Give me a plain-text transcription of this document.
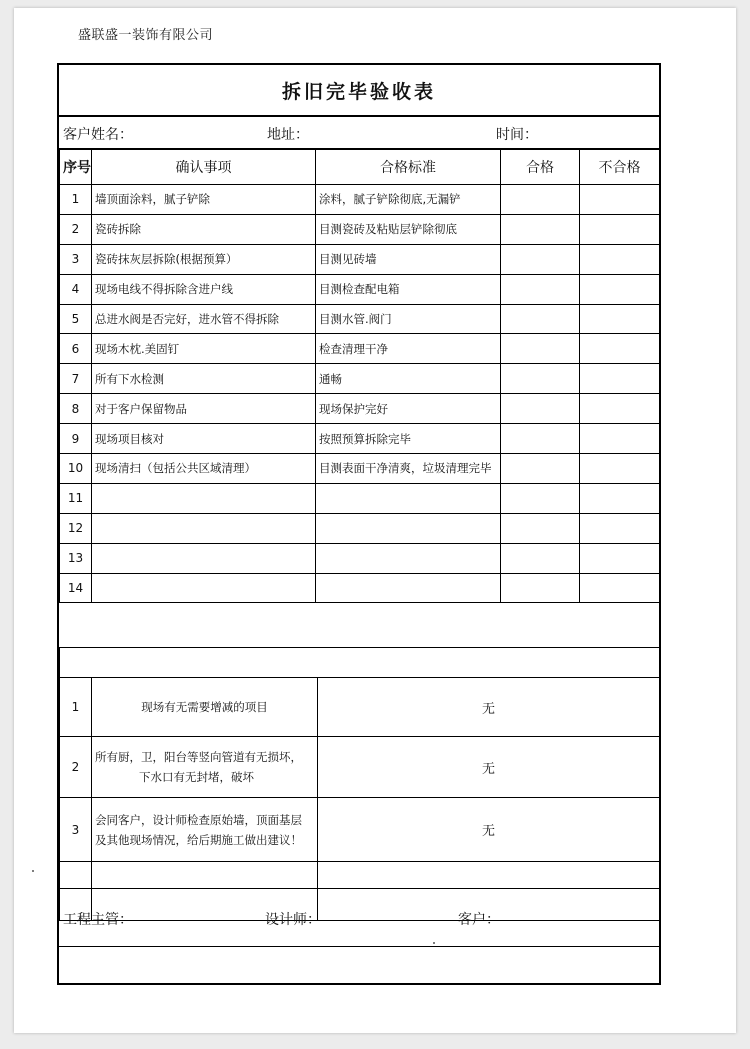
盛联盛一装饰有限公司
拆旧完毕验收表
客户姓名：	地址：	时间：
序号	确认事项	合格标准	合格	不合格
1	墙顶面涂料，腻子铲除	涂料，腻子铲除彻底,无漏铲		
2	瓷砖拆除	目测瓷砖及粘贴层铲除彻底		
3	瓷砖抹灰层拆除(根据预算）	目测见砖墙		
4	现场电线不得拆除含进户线	目测检查配电箱		
5	总进水阀是否完好，进水管不得拆除	目测水管.阀门		
6	现场木枕.美固钉	检查清理干净		
7	所有下水检测	通畅		
8	对于客户保留物品	现场保护完好		
9	现场项目核对	按照预算拆除完毕		
10	现场清扫（包括公共区域清理）	目测表面干净清爽，垃圾清理完毕		
11				
12				
13				
14				

1	现场有无需要增减的项目	无
2	所有厨，卫，阳台等竖向管道有无损坏，
下水口有无封堵，破坏	无
3	会同客户，设计师检查原始墙，顶面基层
及其他现场情况，给后期施工做出建议！	无

工程主管：	设计师：	客户：
